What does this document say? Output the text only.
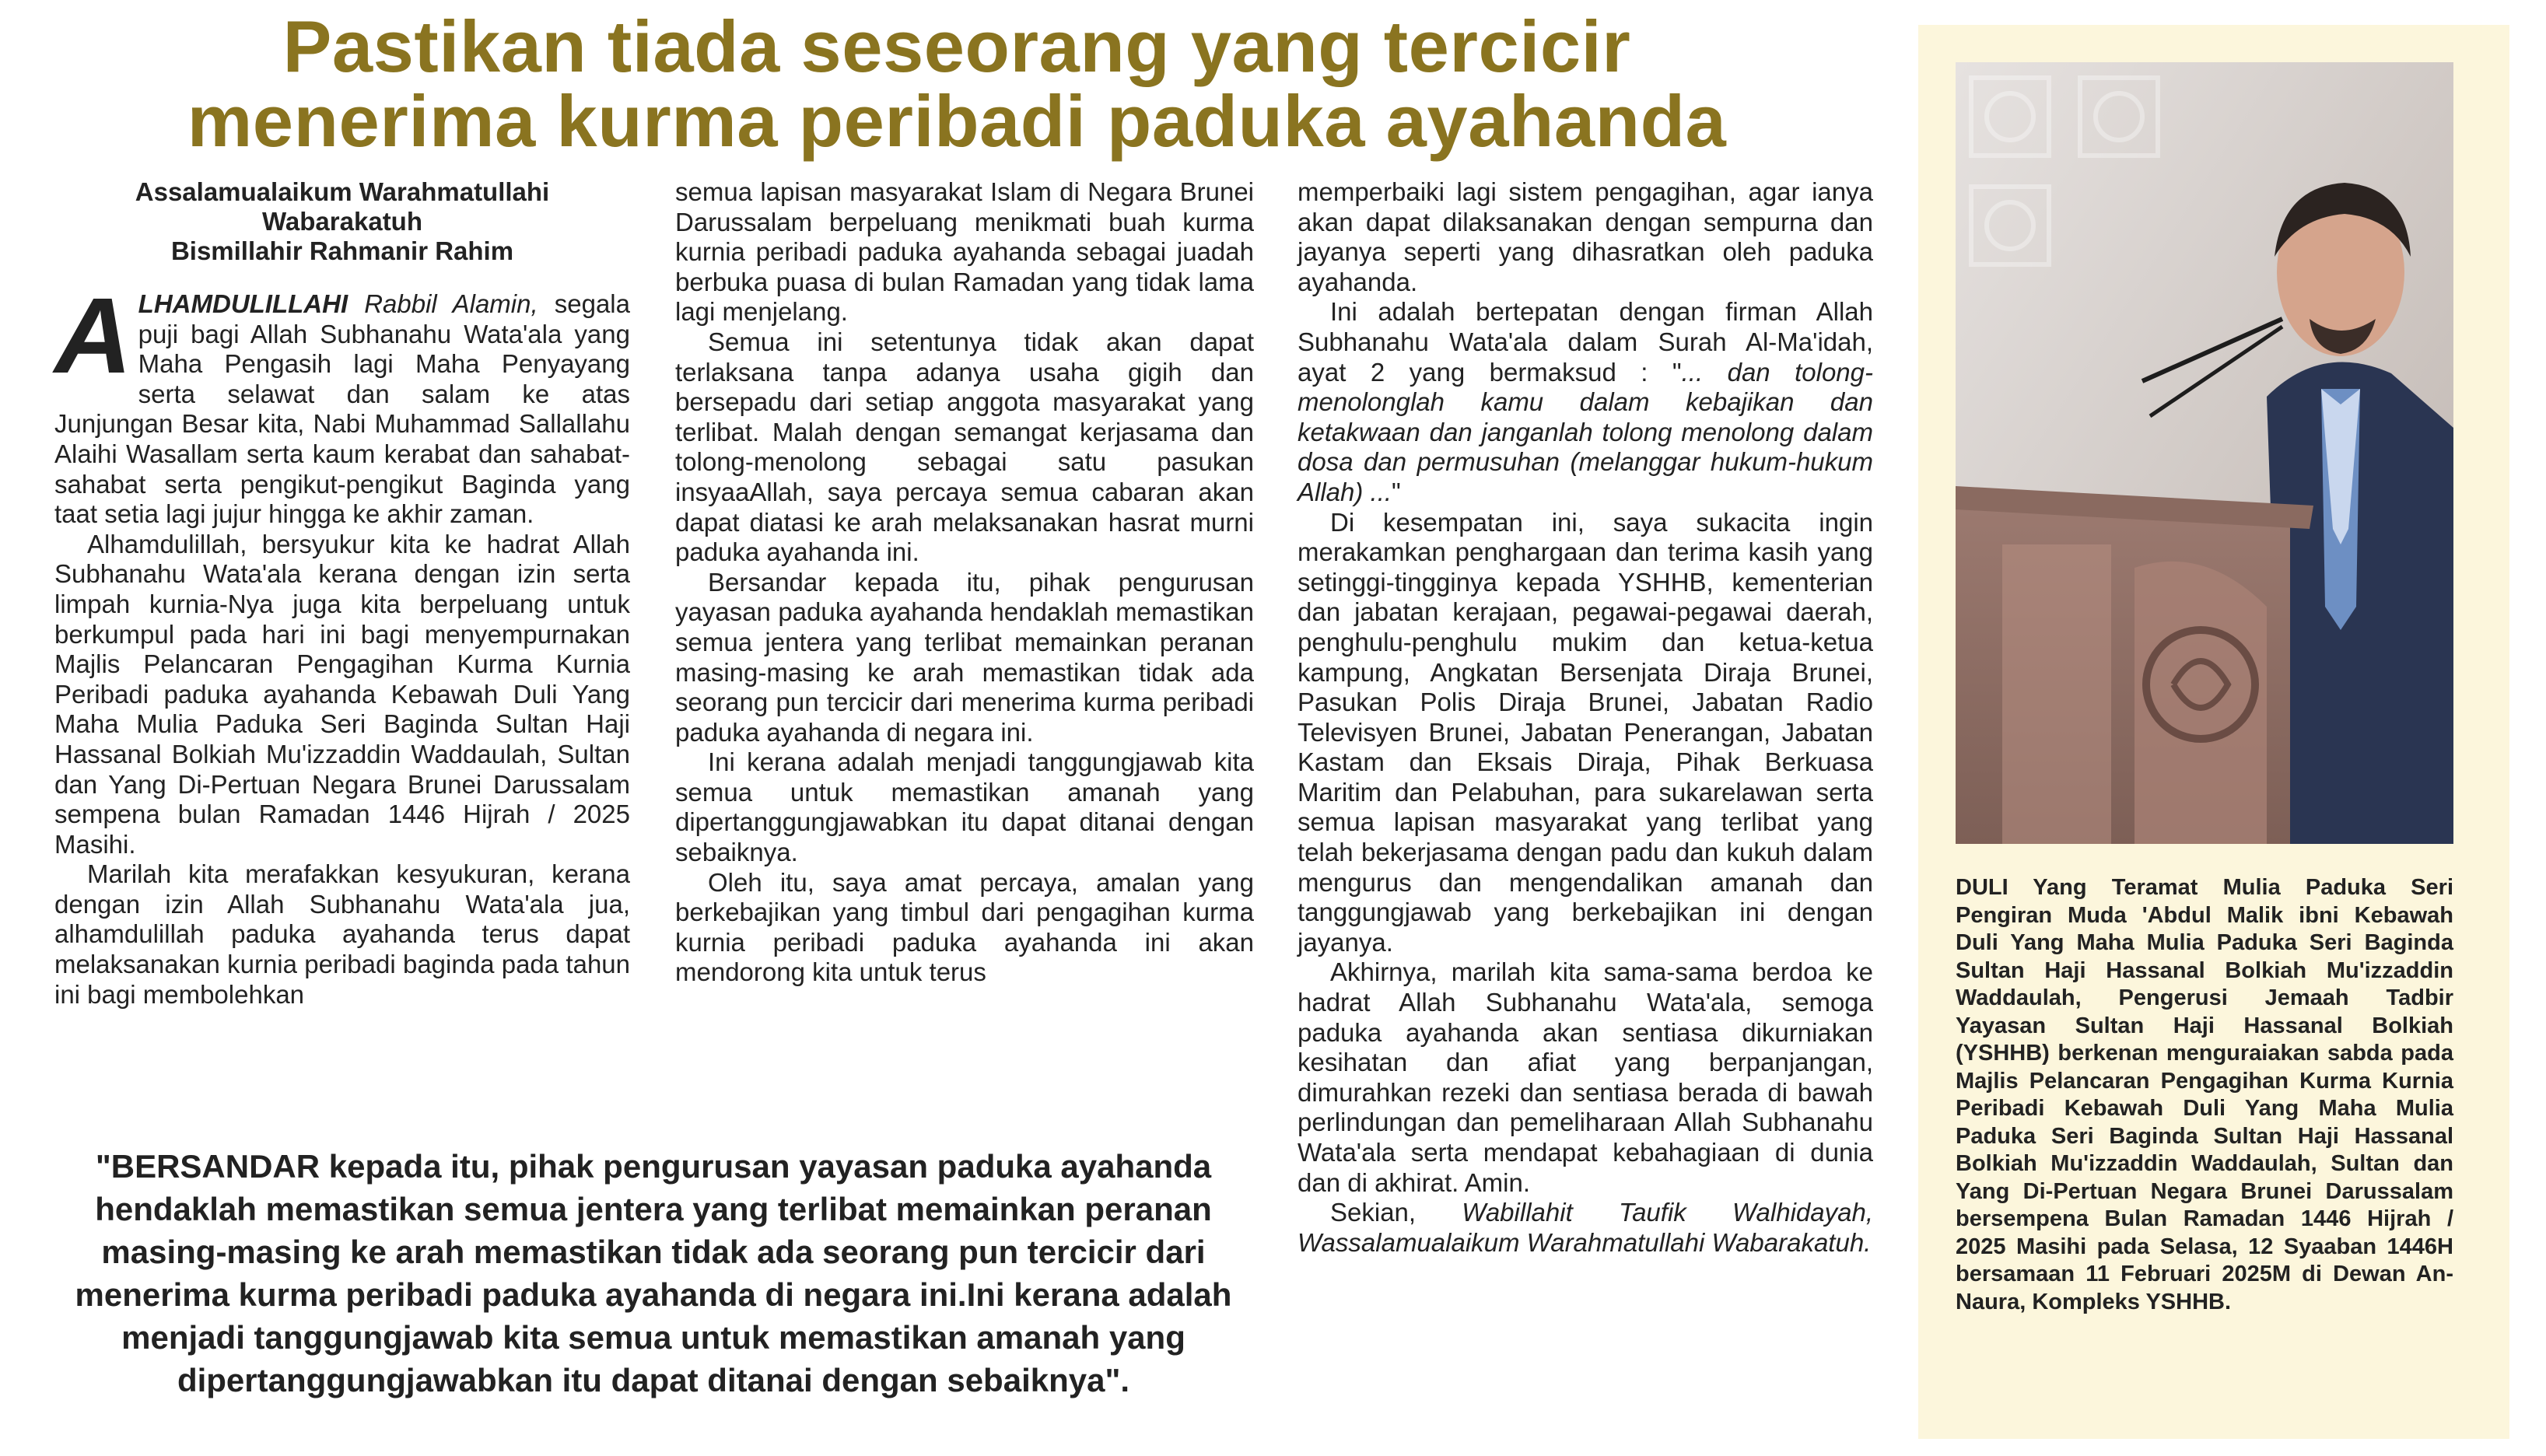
Pastikan tiada seseorang yang tercicir
menerima kurma peribadi paduka ayahanda
Assalamualaikum Warahmatullahi
Wabarakatuh
Bismillahir Rahmanir Rahim

ALHAMDULILLAHI Rabbil Alamin, segala puji bagi Allah Subhanahu Wata'ala yang Maha Pengasih lagi Maha Penyayang serta selawat dan salam ke atas Junjungan Besar kita, Nabi Muhammad Sallallahu Alaihi Wasallam serta kaum kerabat dan sahabat-sahabat serta pengikut-pengikut Baginda yang taat setia lagi jujur hingga ke akhir zaman.

Alhamdulillah, bersyukur kita ke hadrat Allah Subhanahu Wata'ala kerana dengan izin serta limpah kurnia-Nya juga kita berpeluang untuk berkumpul pada hari ini bagi menyempurnakan Majlis Pelancaran Pengagihan Kurma Kurnia Peribadi paduka ayahanda Kebawah Duli Yang Maha Mulia Paduka Seri Baginda Sultan Haji Hassanal Bolkiah Mu'izzaddin Waddaulah, Sultan dan Yang Di-Pertuan Negara Brunei Darussalam sempena bulan Ramadan 1446 Hijrah / 2025 Masihi.

Marilah kita merafakkan kesyukuran, kerana dengan izin Allah Subhanahu Wata'ala jua, alhamdulillah paduka ayahanda terus dapat melaksanakan kurnia peribadi baginda pada tahun ini bagi membolehkan

semua lapisan masyarakat Islam di Negara Brunei Darussalam berpeluang menikmati buah kurma kurnia peribadi paduka ayahanda sebagai juadah berbuka puasa di bulan Ramadan yang tidak lama lagi menjelang.

Semua ini setentunya tidak akan dapat terlaksana tanpa adanya usaha gigih dan bersepadu dari setiap anggota masyarakat yang terlibat. Malah dengan semangat kerjasama dan tolong-menolong sebagai satu pasukan insyaaAllah, saya percaya semua cabaran akan dapat diatasi ke arah melaksanakan hasrat murni paduka ayahanda ini.

Bersandar kepada itu, pihak pengurusan yayasan paduka ayahanda hendaklah memastikan semua jentera yang terlibat memainkan peranan masing-masing ke arah memastikan tidak ada seorang pun tercicir dari menerima kurma peribadi paduka ayahanda di negara ini.

Ini kerana adalah menjadi tanggungjawab kita semua untuk memastikan amanah yang dipertanggungjawabkan itu dapat ditanai dengan sebaiknya.

Oleh itu, saya amat percaya, amalan yang berkebajikan yang timbul dari pengagihan kurma kurnia peribadi paduka ayahanda ini akan mendorong kita untuk terus

memperbaiki lagi sistem pengagihan, agar ianya akan dapat dilaksanakan dengan sempurna dan jayanya seperti yang dihasratkan oleh paduka ayahanda.

Ini adalah bertepatan dengan firman Allah Subhanahu Wata'ala dalam Surah Al-Ma'idah, ayat 2 yang bermaksud : "... dan tolong-menolonglah kamu dalam kebajikan dan ketakwaan dan janganlah tolong menolong dalam dosa dan permusuhan (melanggar hukum-hukum Allah) ..."

Di kesempatan ini, saya sukacita ingin merakamkan penghargaan dan terima kasih yang setinggi-tingginya kepada YSHHB, kementerian dan jabatan kerajaan, pegawai-pegawai daerah, penghulu-penghulu mukim dan ketua-ketua kampung, Angkatan Bersenjata Diraja Brunei, Pasukan Polis Diraja Brunei, Jabatan Radio Televisyen Brunei, Jabatan Penerangan, Jabatan Kastam dan Eksais Diraja, Pihak Berkuasa Maritim dan Pelabuhan, para sukarelawan serta semua lapisan masyarakat yang terlibat yang telah bekerjasama dengan padu dan kukuh dalam mengurus dan mengendalikan amanah dan tanggungjawab yang berkebajikan ini dengan jayanya.

Akhirnya, marilah kita sama-sama berdoa ke hadrat Allah Subhanahu Wata'ala, semoga paduka ayahanda akan sentiasa dikurniakan kesihatan dan afiat yang berpanjangan, dimurahkan rezeki dan sentiasa berada di bawah perlindungan dan pemeliharaan Allah Subhanahu Wata'ala serta mendapat kebahagiaan di dunia dan di akhirat. Amin.

Sekian, Wabillahit Taufik Walhidayah, Wassalamualaikum Warahmatullahi Wabarakatuh.

"BERSANDAR kepada itu, pihak pengurusan yayasan paduka ayahanda hendaklah memastikan semua jentera yang terlibat memainkan peranan masing-masing ke arah memastikan tidak ada seorang pun tercicir dari menerima kurma peribadi paduka ayahanda di negara ini.Ini kerana adalah menjadi tanggungjawab kita semua untuk memastikan amanah yang dipertanggungjawabkan itu dapat ditanai dengan sebaiknya".
DULI Yang Teramat Mulia Paduka Seri Pengiran Muda 'Abdul Malik ibni Kebawah Duli Yang Maha Mulia Paduka Seri Baginda Sultan Haji Hassanal Bolkiah Mu'izzaddin Waddaulah, Pengerusi Jemaah Tadbir Yayasan Sultan Haji Hassanal Bolkiah (YSHHB) berkenan menguraiakan sabda pada Majlis Pelancaran Pengagihan Kurma Kurnia Peribadi Kebawah Duli Yang Maha Mulia Paduka Seri Baginda Sultan Haji Hassanal Bolkiah Mu'izzaddin Waddaulah, Sultan dan Yang Di-Pertuan Negara Brunei Darussalam bersempena Bulan Ramadan 1446 Hijrah / 2025 Masihi pada Selasa, 12 Syaaban 1446H bersamaan 11 Februari 2025M di Dewan An-Naura, Kompleks YSHHB.
